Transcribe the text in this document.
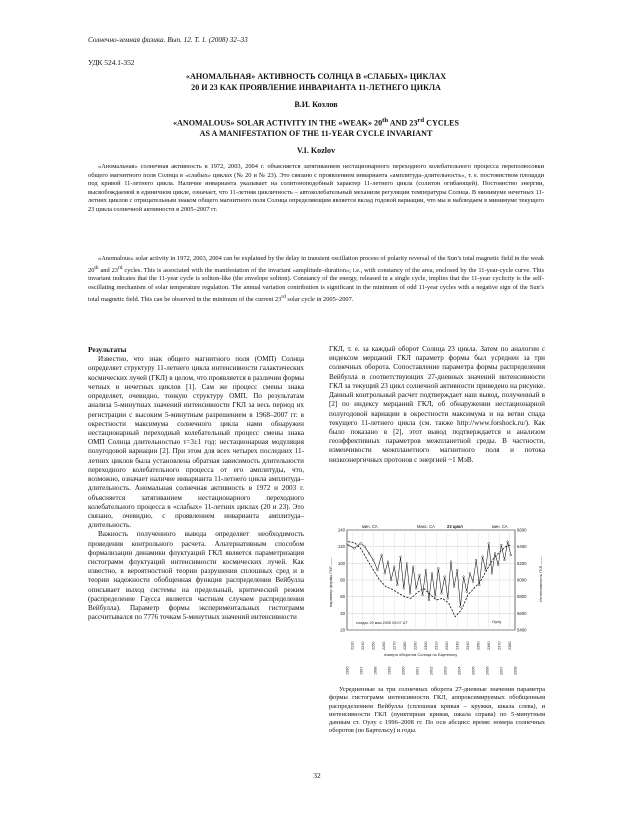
Солнечно-земная физика. Вып. 12. Т. 1. (2008) 32–33
УДК 524.1-352
«АНОМАЛЬНАЯ» АКТИВНОСТЬ СОЛНЦА В «СЛАБЫХ» ЦИКЛАХ
20 И 23 КАК ПРОЯВЛЕНИЕ ИНВАРИАНТА 11-ЛЕТНЕГО ЦИКЛА
В.И. Козлов
«ANOMALOUS» SOLAR ACTIVITY IN THE «WEAK» 20th AND 23rd CYCLES
AS A MANIFESTATION OF THE 11-YEAR CYCLE INVARIANT
V.I. Kozlov

«Аномальная» солнечная активность в 1972, 2003, 2004 г. объясняется затягиванием нестационарного переходного колебательного процесса переполюсовки общего магнитного поля Солнца в «слабых» циклах (№ 20 и № 23). Это связано с проявлением инварианта «амплитуда–длительность», т. е. постоянством площади под кривой 11-летнего цикла. Наличие инварианта указывает на солитоноподобный характер 11-летнего цикла (солитон огибающей). Постоянство энергии, высвобождаемой в единичном цикле, означает, что 11-летняя цикличность – автоколебательный механизм регуляции температуры Солнца. В минимуме нечетных 11-летних циклов с отрицательным знаком общего магнитного поля Солнца определяющим является вклад годовой вариации, что мы и наблюдаем в минимуме текущего 23 цикла солнечной активности в 2005–2007 гг.

«Anomalous» solar activity in 1972, 2003, 2004 can be explained by the delay in transient oscillation process of polarity reversal of the Sun’s total magnetic field in the weak 20th and 23rd cycles. This is associated with the manifestation of the invariant «amplitude–duration»; i.e., with constancy of the area, enclosed by the 11-year-cycle curve. This invariant indicates that the 11-year cycle is soliton-like (the envelope soliton). Constancy of the energy, released in a single cycle, implies that the 11-year cyclicity is the self-oscillating mechanism of solar temperature regulation. The annual variation contribution is significant in the minimum of odd 11-year cycles with a negative sign of the Sun’s total magnetic field. This can be observed in the minimum of the current 23rd solar cycle in 2005–2007.

Результаты

Известно, что знак общего магнитного поля (ОМП) Солнца определяет структуру 11-летнего цикла интенсивности галактических космических лучей (ГКЛ) в целом, что проявляется в различии формы четных и нечетных циклов [1]. Сам же процесс смены знака определяет, очевидно, тонкую структуру ОМП. По результатам анализа 5-минутных значений интенсивности ГКЛ за весь период их регистрации с высоким 5-минутным разрешением в 1968–2007 гг. в окрестности максимума солнечного цикла нами обнаружен нестационарный переходный колебательный процесс смены знака ОМП Солнца длительностью τ=3±1 год: нестационарная модуляция полугодовой вариации [2]. При этом для всех четырех последних 11-летних циклов была установлена обратная зависимость длительности переходного колебательного процесса от его амплитуды, что, возможно, означает наличие инварианта 11-летнего цикла амплитуда–длительность. Аномальная солнечная активность в 1972 и 2003 г. объясняется затягиванием нестационарного переходного колебательного процесса в «слабых» 11-летних циклах (20 и 23). Это связано, очевидно, с проявлением инварианта амплитуда–длительность.

Важность полученного вывода определяет необходимость проведения контрольного расчета. Альтернативным способом формализации динамики флуктуаций ГКЛ является параметризация гистограмм флуктуаций интенсивности космических лучей. Как известно, в вероятностной теории разрушения сплошных сред и в теории надежности обобщенная функция распределения Вейбулла описывает выход системы на предельный, критический режим (распределение Гаусса является частным случаем распределения Вейбулла). Параметр формы экспериментальных гистограмм рассчитывался по 7776 точкам 5-минутных значений интенсивности

ГКЛ, т. е. за каждый оборот Солнца 23 цикла. Затем по аналогии с индексом мерцаний ГКЛ параметр формы был усреднен за три солнечных оборота. Сопоставление параметра формы распределения Вейбулла и соответствующих 27-дневных значений интенсивности ГКЛ за текущий 23 цикл солнечной активности приведено на рисунке. Данный контрольный расчет подтверждает наш вывод, полученный в [2] по индексу мерцаний ГКЛ, об обнаружении нестационарной полугодовой вариации в окрестности максимума и на ветви спада текущего 11-летнего цикла (см. также http://www.forshock.ru/). Как было показано в [2], этот вывод подтверждается и анализом геоэффективных параметров межпланетной среды. В частности, изменчивости межпланетного магнитного поля и потока низкоэнергичных протонов с энергией ~1 МэВ.

мин. СА	Макс. СА	23 цикл	мин. СА
параметр формы ГКЛ ——	Интенсивность ГКЛ ——
солдас 20 мая 2005 03:07 UT	Оулу
140
120
100
80
60
40
20
6600
6400
6200
6000
5800
5600
5400
2230 2240 2250 2260 2270 2280 2290 2300 2310 2320 2330 2340 2350 2360 2370 2380
номера оборотов Солнца по Бартельсу
1996	1997	1998	1999	2000	2001	2002	2003	2004	2005	2006	2007	2008
Усредненные за три солнечных оборота 27-дневные значения параметра формы гистограмм интенсивности ГКЛ, аппроксимируемых обобщенным распределением Вейбулла (сплошная кривая – кружки, шкала слева), и интенсивности ГКЛ (пунктирная кривая, шкала справа) по 5-минутным данным ст. Оулу с 1996–2008 гг. По оси абсцисс время: номера солнечных оборотов (по Бартельсу) и годы.
32
